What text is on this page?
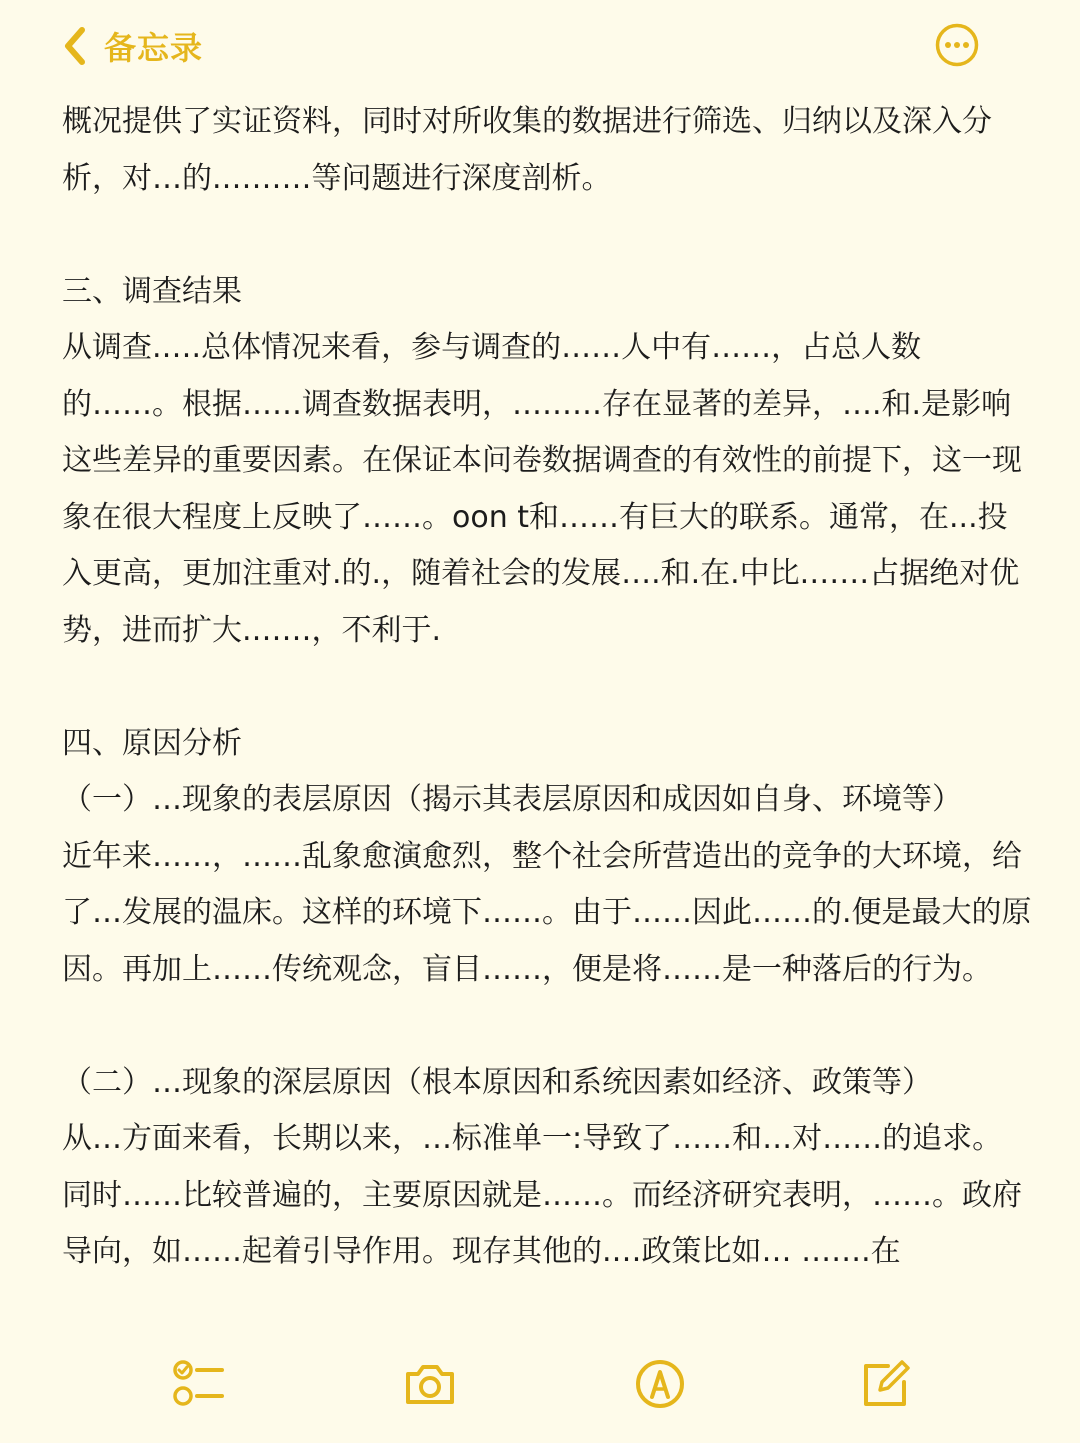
备忘录

概况提供了实证资料，同时对所收集的数据进行筛选、归纳以及深入分析，对…的.………等问题进行深度剖析。

三、调查结果

从调查.….总体情况来看，参与调查的……人中有……，占总人数的……。根据……调查数据表明，………存在显著的差异，….和.是影响这些差异的重要因素。在保证本问卷数据调查的有效性的前提下，这一现象在很大程度上反映了……。oon t和……有巨大的联系。通常，在...投入更高，更加注重对.的.，随着社会的发展….和.在.中比.……占据绝对优势，进而扩大.……，不利于.

四、原因分析

（一）…现象的表层原因（揭示其表层原因和成因如自身、环境等）

近年来……，……乱象愈演愈烈，整个社会所营造出的竞争的大环境，给了…发展的温床。这样的环境下……。由于……因此……的.便是最大的原因。再加上……传统观念，盲目……，便是将……是一种落后的行为。

（二）…现象的深层原因（根本原因和系统因素如经济、政策等）

从…方面来看，长期以来，…标准单一:导致了……和…对……的追求。同时……比较普遍的，主要原因就是……。而经济研究表明，……。政府导向，如……起着引导作用。现存其他的.…政策比如… …….在
